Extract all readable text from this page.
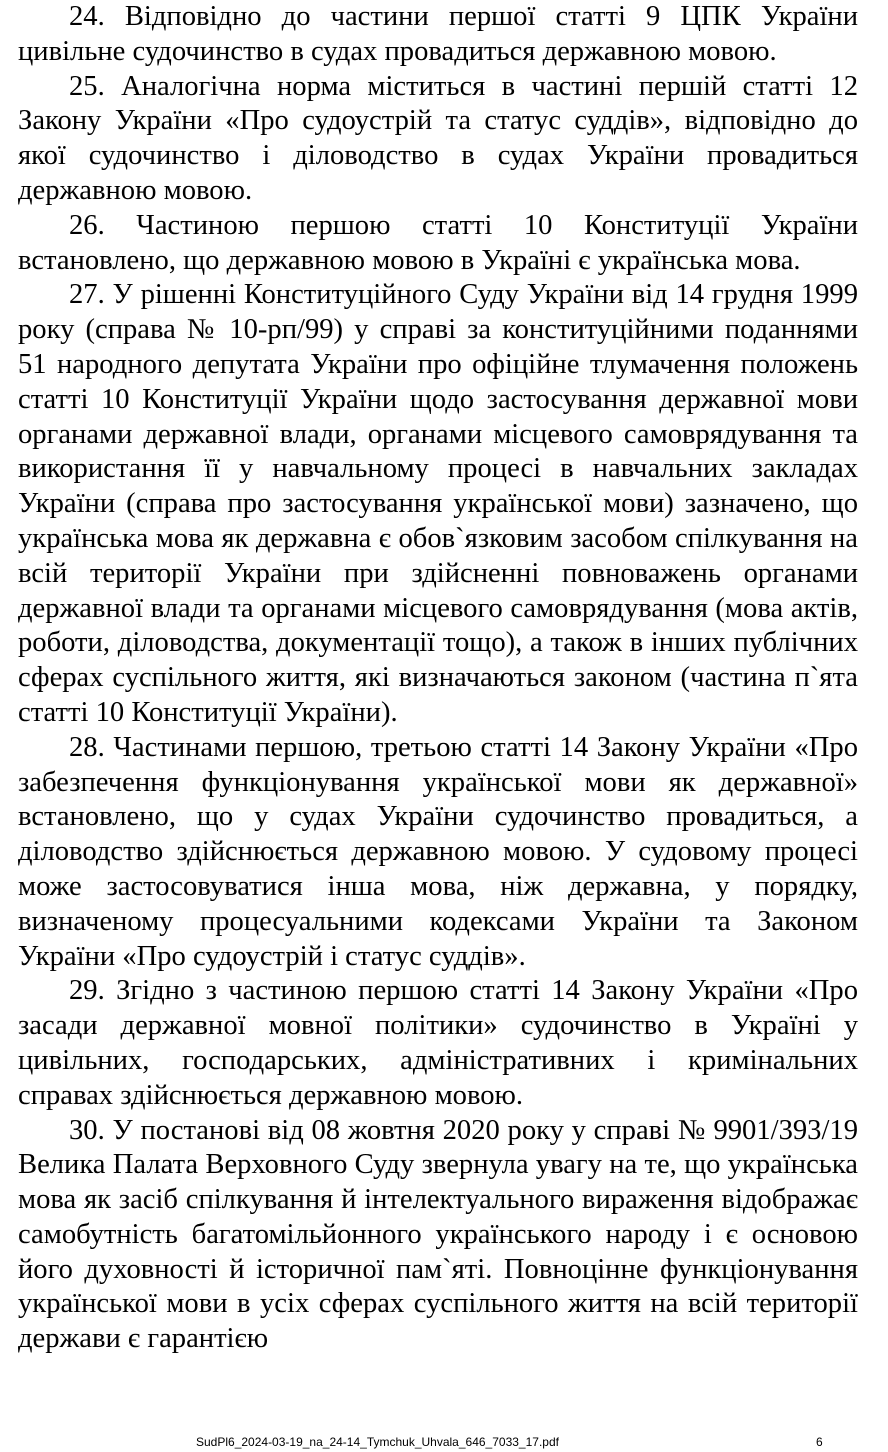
24. Відповідно до частини першої статті 9 ЦПК України цивільне судочинство в судах провадиться державною мовою.

25. Аналогічна норма міститься в частині першій статті 12 Закону України «Про судоустрій та статус суддів», відповідно до якої судочинство і діловодство в судах України провадиться державною мовою.

26. Частиною першою статті 10 Конституції України встановлено, що державною мовою в Україні є українська мова.

27. У рішенні Конституційного Суду України від 14 грудня 1999 року (справа № 10-рп/99) у справі за конституційними поданнями 51 народного депутата України про офіційне тлумачення положень статті 10 Конституції України щодо застосування державної мови органами державної влади, органами місцевого самоврядування та використання її у навчальному процесі в навчальних закладах України (справа про застосування української мови) зазначено, що українська мова як державна є обов`язковим засобом спілкування на всій території України при здійсненні повноважень органами державної влади та органами місцевого самоврядування (мова актів, роботи, діловодства, документації тощо), а також в інших публічних сферах суспільного життя, які визначаються законом (частина п`ята статті 10 Конституції України).

28. Частинами першою, третьою статті 14 Закону України «Про забезпечення функціонування української мови як державної» встановлено, що у судах України судочинство провадиться, а діловодство здійснюється державною мовою. У судовому процесі може застосовуватися інша мова, ніж державна, у порядку, визначеному процесуальними кодексами України та Законом України «Про судоустрій і статус суддів».

29. Згідно з частиною першою статті 14 Закону України «Про засади державної мовної політики» судочинство в Україні у цивільних, господарських, адміністративних і кримінальних справах здійснюється державною мовою.

30. У постанові від 08 жовтня 2020 року у справі № 9901/393/19 Велика Палата Верховного Суду звернула увагу на те, що українська мова як засіб спілкування й інтелектуального вираження відображає самобутність багатомільйонного українського народу і є основою його духовності й історичної пам`яті. Повноцінне функціонування української мови в усіх сферах суспільного життя на всій території держави є гарантією

SudPl6_2024-03-19_na_24-14_Tymchuk_Uhvala_646_7033_17.pdf	6
